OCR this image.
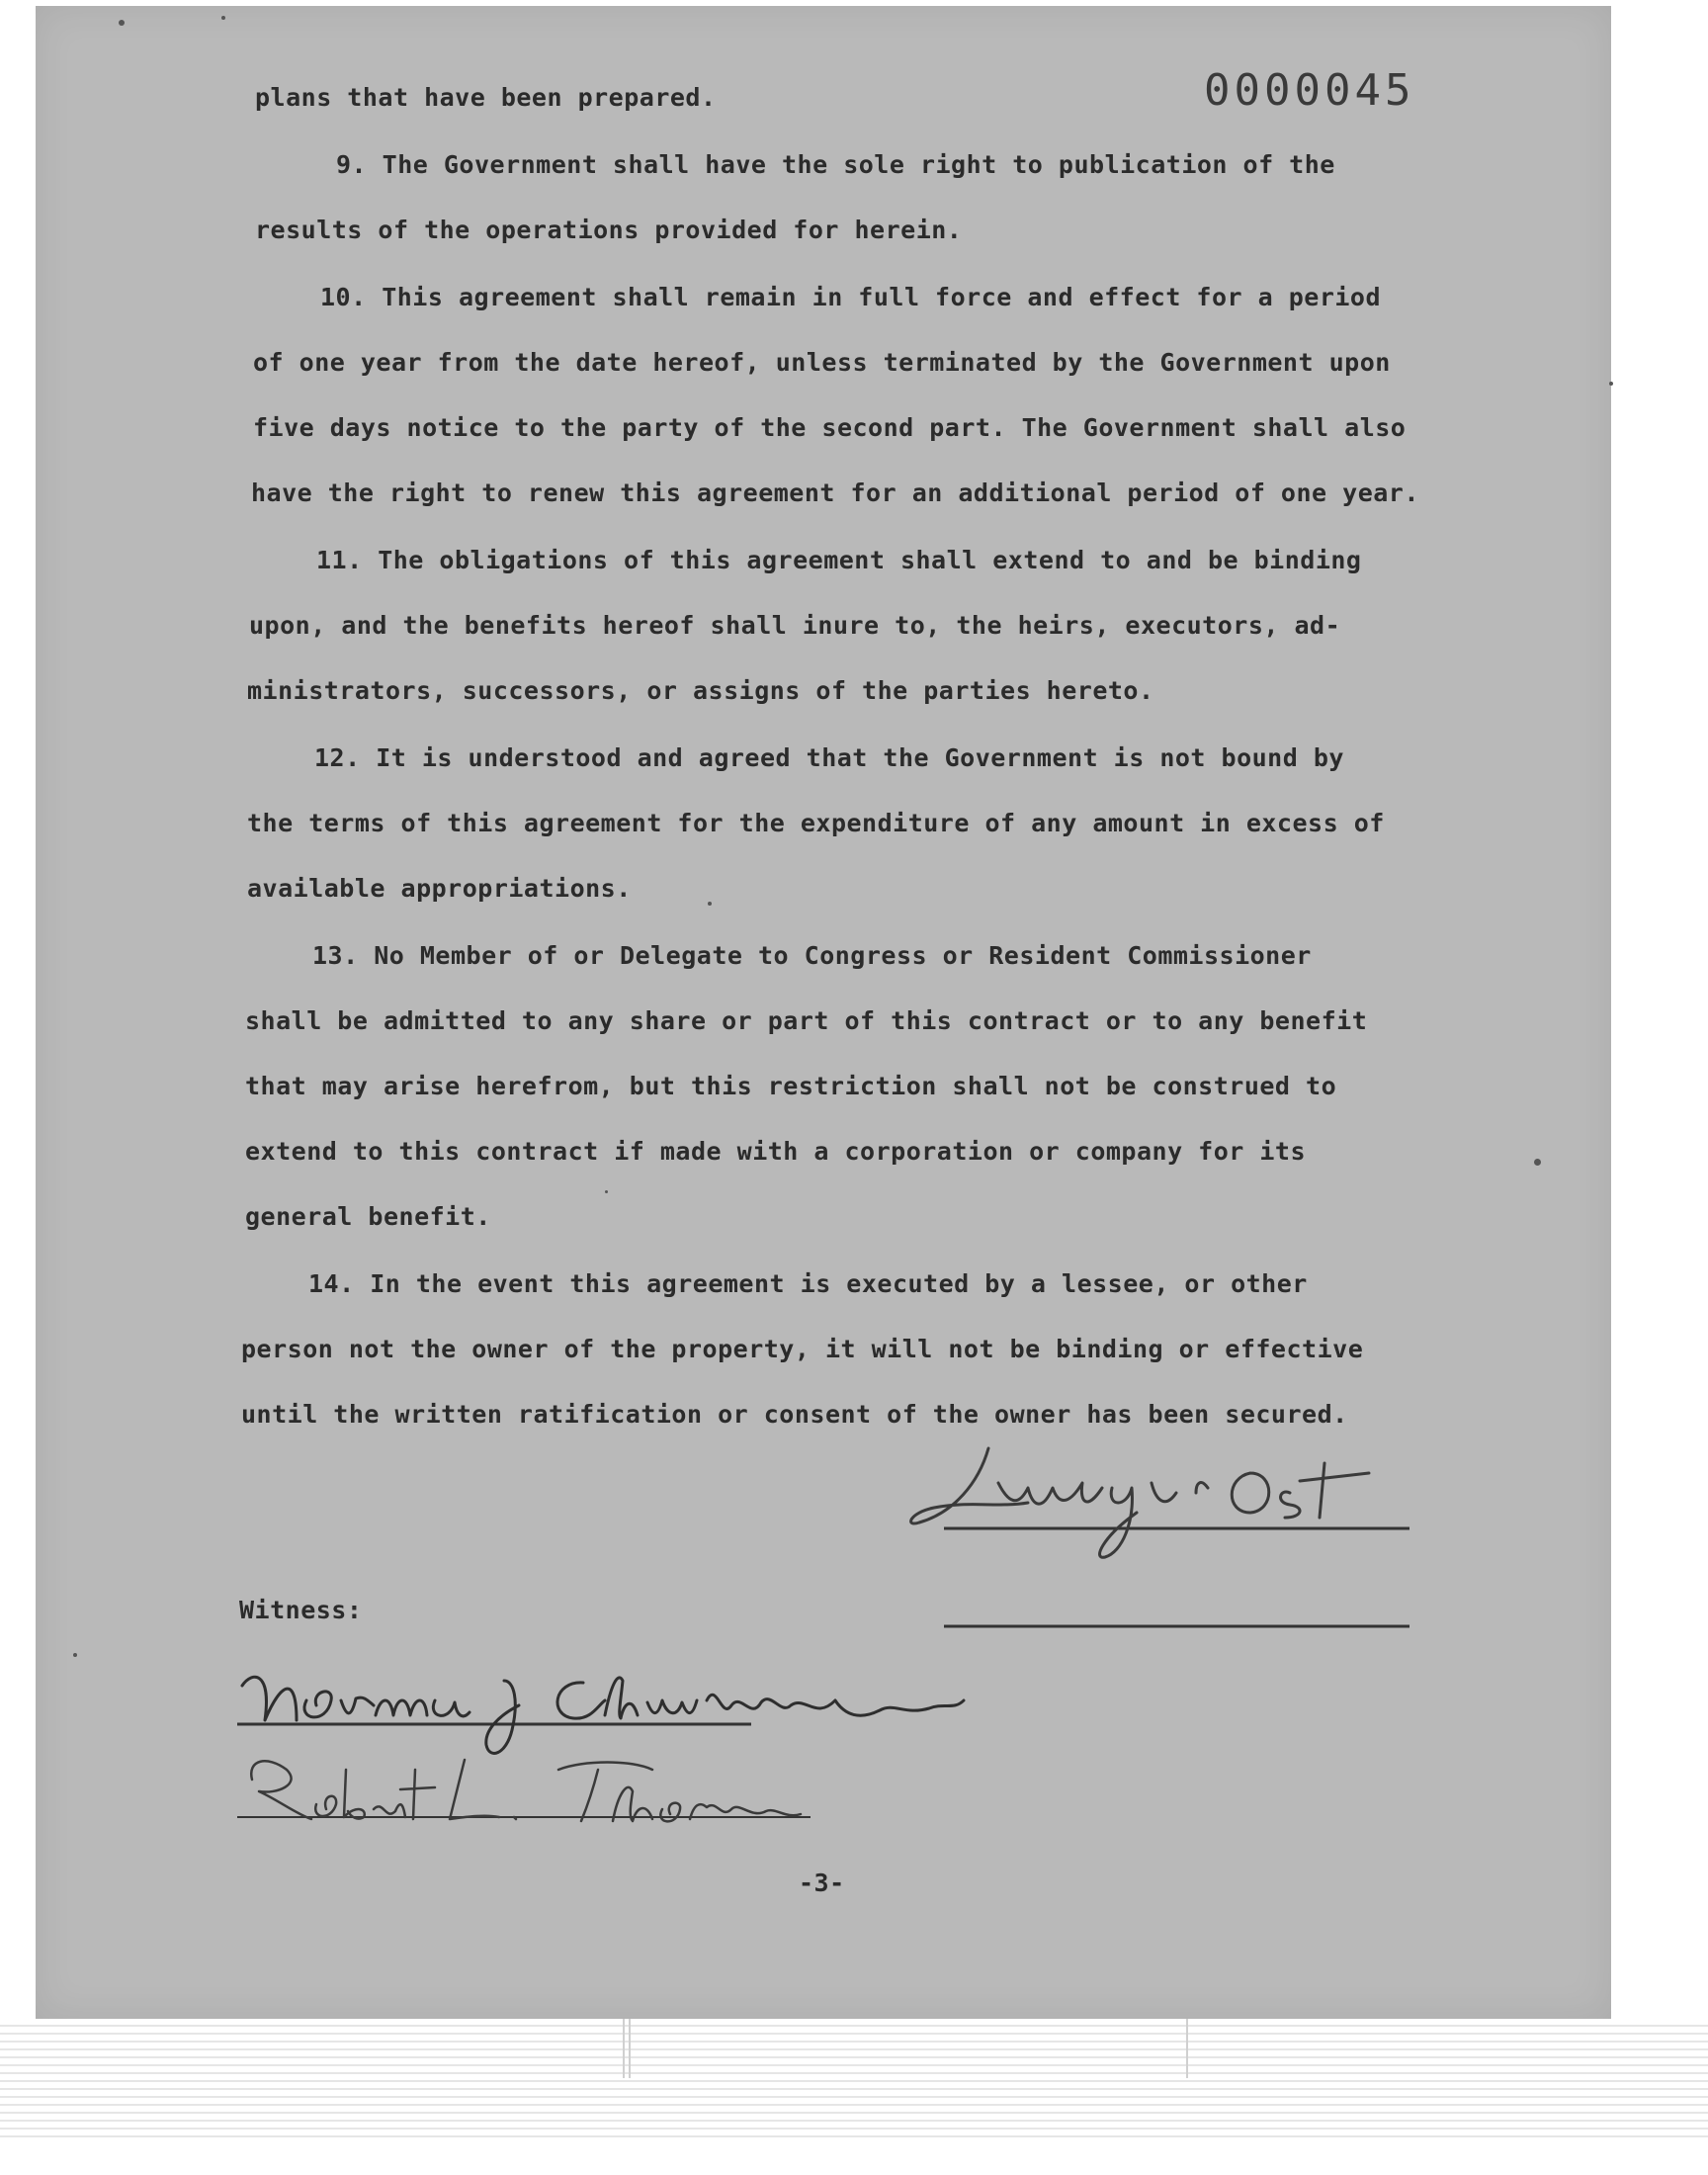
0000045
plans that have been prepared.
9. The Government shall have the sole right to publication of the
results of the operations provided for herein.
10. This agreement shall remain in full force and effect for a period
of one year from the date hereof, unless terminated by the Government upon
five days notice to the party of the second part. The Government shall also
have the right to renew this agreement for an additional period of one year.
11. The obligations of this agreement shall extend to and be binding
upon, and the benefits hereof shall inure to, the heirs, executors, ad-
ministrators, successors, or assigns of the parties hereto.
12. It is understood and agreed that the Government is not bound by
the terms of this agreement for the expenditure of any amount in excess of
available appropriations.
13. No Member of or Delegate to Congress or Resident Commissioner
shall be admitted to any share or part of this contract or to any benefit
that may arise herefrom, but this restriction shall not be construed to
extend to this contract if made with a corporation or company for its
general benefit.
14. In the event this agreement is executed by a lessee, or other
person not the owner of the property, it will not be binding or effective
until the written ratification or consent of the owner has been secured.
Witness:
-3-
